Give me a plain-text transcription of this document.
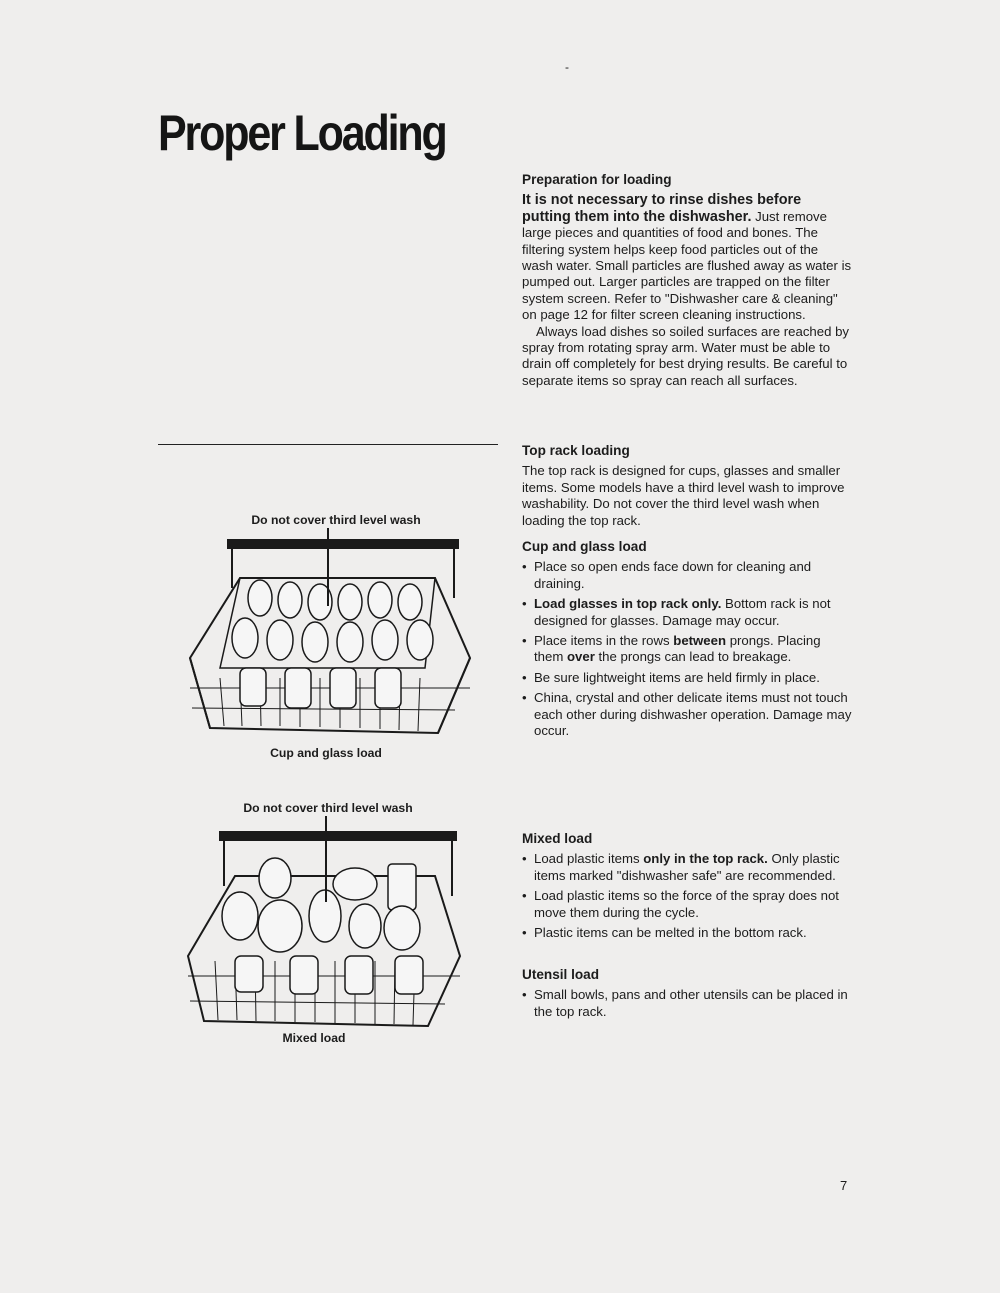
-
Proper Loading

Preparation for loading

It is not necessary to rinse dishes before putting them into the dishwasher. Just remove large pieces and quantities of food and bones. The filtering system helps keep food particles out of the wash water. Small particles are flushed away as water is pumped out. Larger particles are trapped on the filter system screen. Refer to "Dishwasher care & cleaning" on page 12 for filter screen cleaning instructions.

Always load dishes so soiled surfaces are reached by spray from rotating spray arm. Water must be able to drain off completely for best drying results. Be careful to separate items so spray can reach all surfaces.

Top rack loading

The top rack is designed for cups, glasses and smaller items. Some models have a third level wash to improve washability. Do not cover the third level wash when loading the top rack.

Cup and glass load

• Place so open ends face down for cleaning and draining.
• Load glasses in top rack only. Bottom rack is not designed for glasses. Damage may occur.
• Place items in the rows between prongs. Placing them over the prongs can lead to breakage.
• Be sure lightweight items are held firmly in place.
• China, crystal and other delicate items must not touch each other during dishwasher operation. Damage may occur.

Mixed load

• Load plastic items only in the top rack. Only plastic items marked "dishwasher safe" are recommended.
• Load plastic items so the force of the spray does not move them during the cycle.
• Plastic items can be melted in the bottom rack.

Utensil load

• Small bowls, pans and other utensils can be placed in the top rack.
Do not cover third level wash
Cup and glass load
Do not cover third level wash
Mixed load
7
